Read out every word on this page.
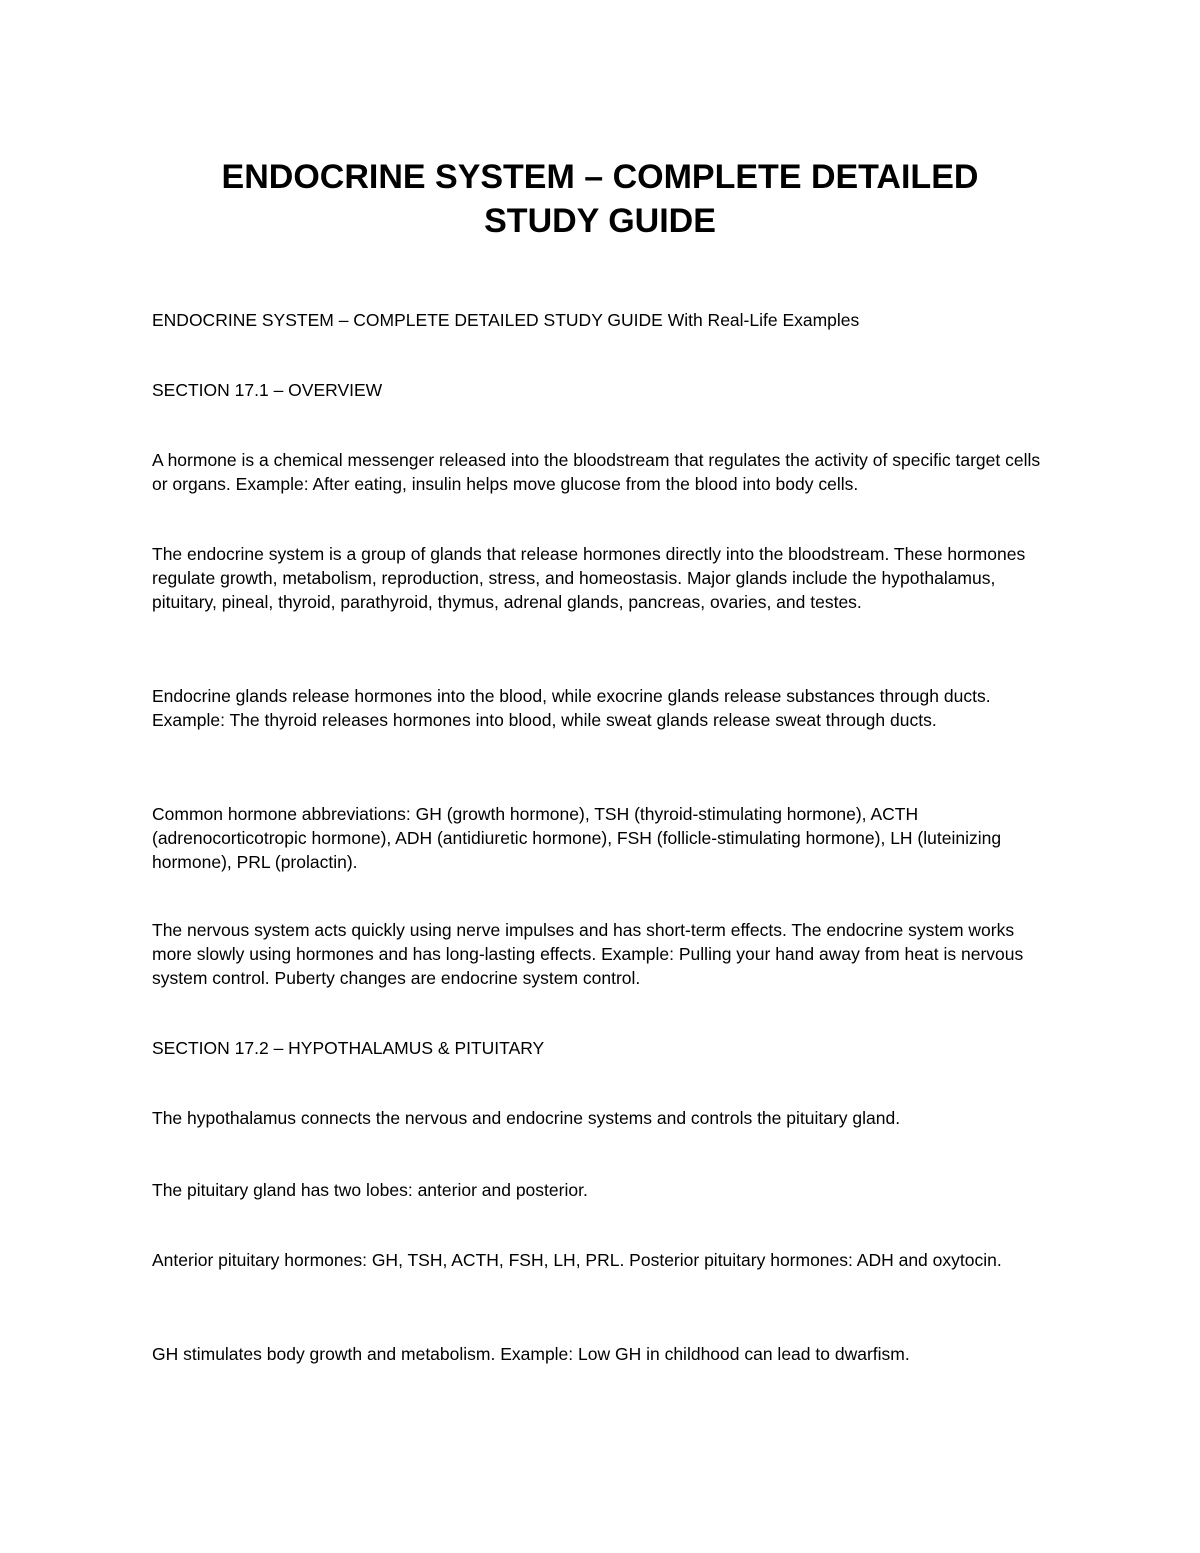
ENDOCRINE SYSTEM – COMPLETE DETAILED
STUDY GUIDE

ENDOCRINE SYSTEM – COMPLETE DETAILED STUDY GUIDE With Real-Life Examples

SECTION 17.1 – OVERVIEW

A hormone is a chemical messenger released into the bloodstream that regulates the activity of specific target cells or organs. Example: After eating, insulin helps move glucose from the blood into body cells.

The endocrine system is a group of glands that release hormones directly into the bloodstream. These hormones regulate growth, metabolism, reproduction, stress, and homeostasis. Major glands include the hypothalamus, pituitary, pineal, thyroid, parathyroid, thymus, adrenal glands, pancreas, ovaries, and testes.

Endocrine glands release hormones into the blood, while exocrine glands release substances through ducts. Example: The thyroid releases hormones into blood, while sweat glands release sweat through ducts.

Common hormone abbreviations: GH (growth hormone), TSH (thyroid-stimulating hormone), ACTH (adrenocorticotropic hormone), ADH (antidiuretic hormone), FSH (follicle-stimulating hormone), LH (luteinizing hormone), PRL (prolactin).

The nervous system acts quickly using nerve impulses and has short-term effects. The endocrine system works more slowly using hormones and has long-lasting effects. Example: Pulling your hand away from heat is nervous system control. Puberty changes are endocrine system control.

SECTION 17.2 – HYPOTHALAMUS & PITUITARY

The hypothalamus connects the nervous and endocrine systems and controls the pituitary gland.

The pituitary gland has two lobes: anterior and posterior.

Anterior pituitary hormones: GH, TSH, ACTH, FSH, LH, PRL. Posterior pituitary hormones: ADH and oxytocin.

GH stimulates body growth and metabolism. Example: Low GH in childhood can lead to dwarfism.
